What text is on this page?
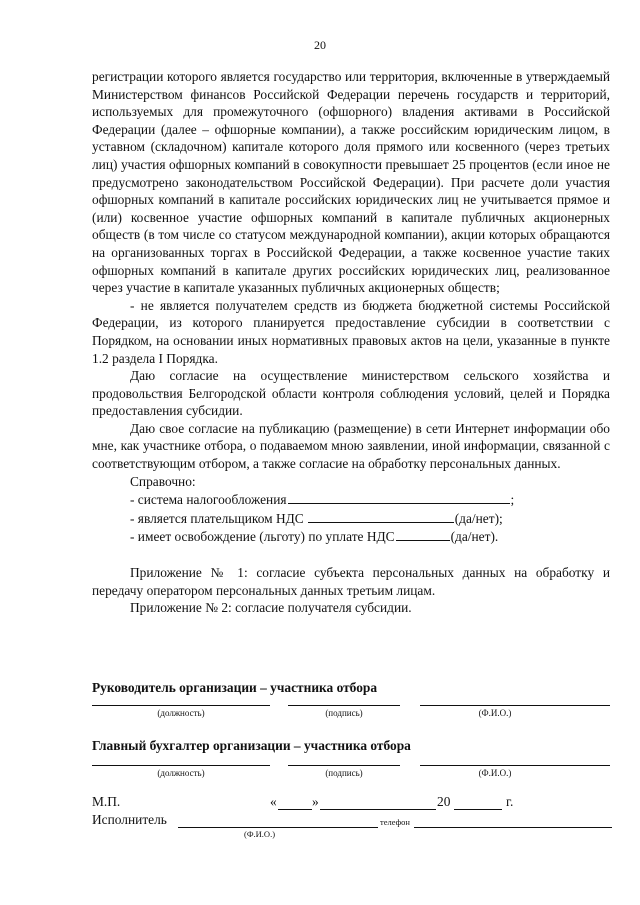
20

регистрации которого является государство или территория, включенные в утверждаемый Министерством финансов Российской Федерации перечень государств и территорий, используемых для промежуточного (офшорного) владения активами в Российской Федерации (далее – офшорные компании), а также российским юридическим лицом, в уставном (складочном) капитале которого доля прямого или косвенного (через третьих лиц) участия офшорных компаний в совокупности превышает 25 процентов (если иное не предусмотрено законодательством Российской Федерации). При расчете доли участия офшорных компаний в капитале российских юридических лиц не учитывается прямое и (или) косвенное участие офшорных компаний в капитале публичных акционерных обществ (в том числе со статусом международной компании), акции которых обращаются на организованных торгах в Российской Федерации, а также косвенное участие таких офшорных компаний в капитале других российских юридических лиц, реализованное через участие в капитале указанных публичных акционерных обществ;

- не является получателем средств из бюджета бюджетной системы Российской Федерации, из которого планируется предоставление субсидии в соответствии с Порядком, на основании иных нормативных правовых актов на цели, указанные в пункте 1.2 раздела I Порядка.

Даю согласие на осуществление министерством сельского хозяйства и продовольствия Белгородской области контроля соблюдения условий, целей и Порядка предоставления субсидии.

Даю свое согласие на публикацию (размещение) в сети Интернет информации обо мне, как участнике отбора, о подаваемом мною заявлении, иной информации, связанной с соответствующим отбором, а также согласие на обработку персональных данных.

Справочно:
- система налогообложения	;
- является плательщиком НДС	(да/нет);
- имеет освобождение (льготу) по уплате НДС	(да/нет).

Приложение № 1: согласие субъекта персональных данных на обработку и передачу оператором персональных данных третьим лицам.

Приложение № 2: согласие получателя субсидии.

Руководитель организации – участника отбора
(должность)	(подпись)	(Ф.И.О.)
Главный бухгалтер организации – участника отбора
(должность)	(подпись)	(Ф.И.О.)
М.П.	«	»	20	г.
Исполнитель	телефон
(Ф.И.О.)
